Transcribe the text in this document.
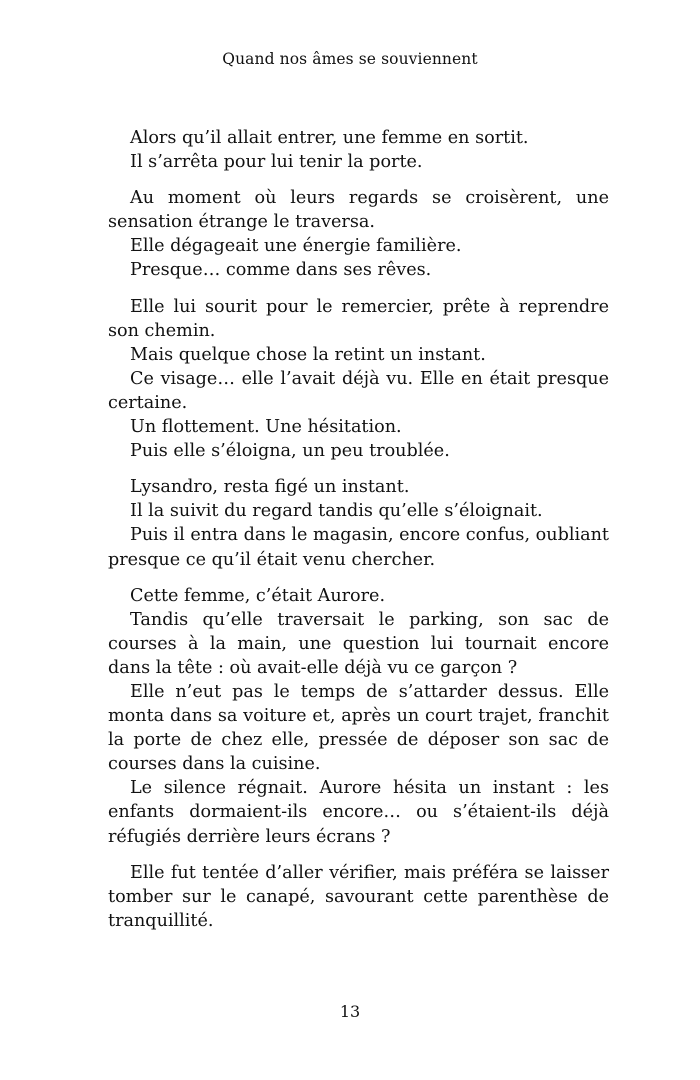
Quand nos âmes se souviennent

Alors qu’il allait entrer, une femme en sortit.

Il s’arrêta pour lui tenir la porte.

Au moment où leurs regards se croisèrent, une sensation étrange le traversa.

Elle dégageait une énergie familière.

Presque… comme dans ses rêves.

Elle lui sourit pour le remercier, prête à reprendre son chemin.

Mais quelque chose la retint un instant.

Ce visage… elle l’avait déjà vu. Elle en était presque certaine.

Un flottement. Une hésitation.

Puis elle s’éloigna, un peu troublée.

Lysandro, resta figé un instant.

Il la suivit du regard tandis qu’elle s’éloignait.

Puis il entra dans le magasin, encore confus, oubliant presque ce qu’il était venu chercher.

Cette femme, c’était Aurore.

Tandis qu’elle traversait le parking, son sac de courses à la main, une question lui tournait encore dans la tête : où avait-elle déjà vu ce garçon ?

Elle n’eut pas le temps de s’attarder dessus. Elle monta dans sa voiture et, après un court trajet, franchit la porte de chez elle, pressée de déposer son sac de courses dans la cuisine.

Le silence régnait. Aurore hésita un instant : les enfants dormaient-ils encore… ou s’étaient-ils déjà réfugiés derrière leurs écrans ?

Elle fut tentée d’aller vérifier, mais préféra se laisser tomber sur le canapé, savourant cette parenthèse de tranquillité.

13
